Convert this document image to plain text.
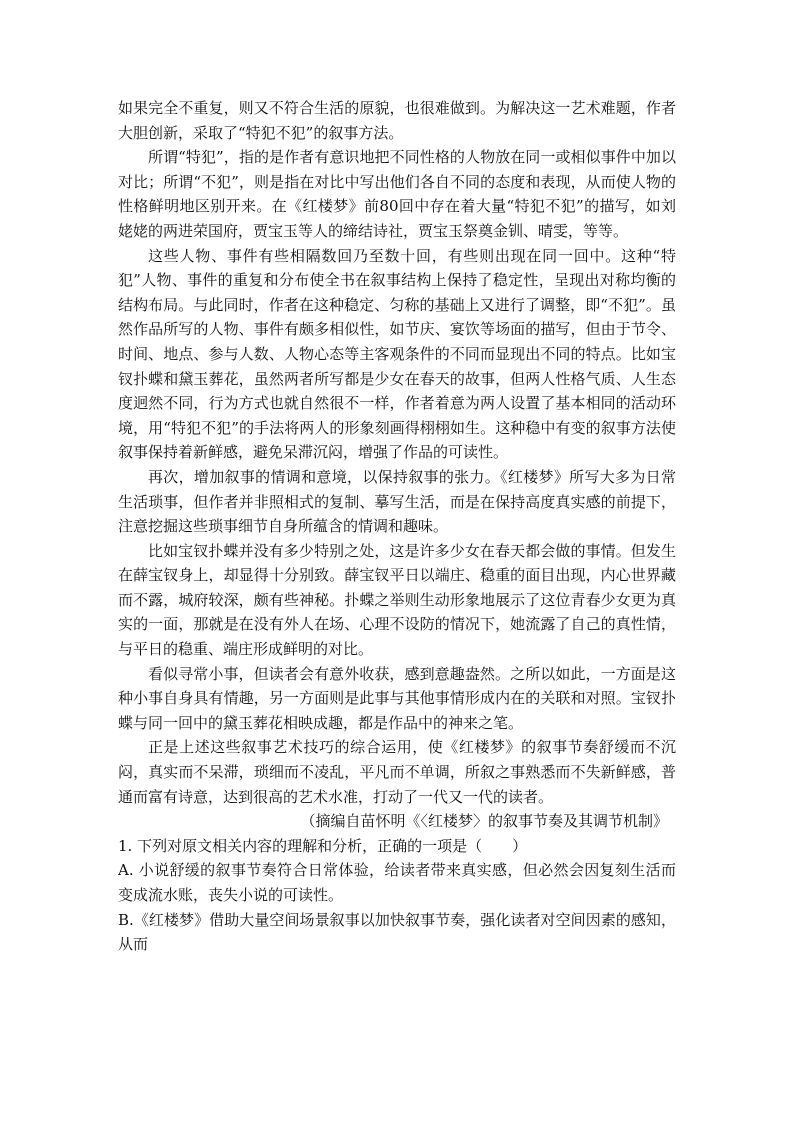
如果完全不重复，则又不符合生活的原貌，也很难做到。为解决这一艺术难题，作者大胆创新，采取了“特犯不犯”的叙事方法。

所谓“特犯”，指的是作者有意识地把不同性格的人物放在同一或相似事件中加以对比；所谓“不犯”，则是指在对比中写出他们各自不同的态度和表现，从而使人物的性格鲜明地区别开来。在《红楼梦》前80回中存在着大量“特犯不犯”的描写，如刘姥姥的两进荣国府，贾宝玉等人的缔结诗社，贾宝玉祭奠金钏、晴雯，等等。

这些人物、事件有些相隔数回乃至数十回，有些则出现在同一回中。这种“特犯”人物、事件的重复和分布使全书在叙事结构上保持了稳定性，呈现出对称均衡的结构布局。与此同时，作者在这种稳定、匀称的基础上又进行了调整，即“不犯”。虽然作品所写的人物、事件有颇多相似性，如节庆、宴饮等场面的描写，但由于节令、时间、地点、参与人数、人物心态等主客观条件的不同而显现出不同的特点。比如宝钗扑蝶和黛玉葬花，虽然两者所写都是少女在春天的故事，但两人性格气质、人生态度迥然不同，行为方式也就自然很不一样，作者着意为两人设置了基本相同的活动环境，用“特犯不犯”的手法将两人的形象刻画得栩栩如生。这种稳中有变的叙事方法使叙事保持着新鲜感，避免呆滞沉闷，增强了作品的可读性。

再次，增加叙事的情调和意境，以保持叙事的张力。《红楼梦》所写大多为日常生活琐事，但作者并非照相式的复制、摹写生活，而是在保持高度真实感的前提下，注意挖掘这些琐事细节自身所蕴含的情调和趣味。

比如宝钗扑蝶并没有多少特别之处，这是许多少女在春天都会做的事情。但发生在薛宝钗身上，却显得十分别致。薛宝钗平日以端庄、稳重的面目出现，内心世界藏而不露，城府较深，颇有些神秘。扑蝶之举则生动形象地展示了这位青春少女更为真实的一面，那就是在没有外人在场、心理不设防的情况下，她流露了自己的真性情，与平日的稳重、端庄形成鲜明的对比。

看似寻常小事，但读者会有意外收获，感到意趣盎然。之所以如此，一方面是这种小事自身具有情趣，另一方面则是此事与其他事情形成内在的关联和对照。宝钗扑蝶与同一回中的黛玉葬花相映成趣，都是作品中的神来之笔。

正是上述这些叙事艺术技巧的综合运用，使《红楼梦》的叙事节奏舒缓而不沉闷，真实而不呆滞，琐细而不凌乱，平凡而不单调，所叙之事熟悉而不失新鲜感，普通而富有诗意，达到很高的艺术水准，打动了一代又一代的读者。

（摘编自苗怀明《〈红楼梦〉的叙事节奏及其调节机制》

1. 下列对原文相关内容的理解和分析，正确的一项是（　　）

A. 小说舒缓的叙事节奏符合日常体验，给读者带来真实感，但必然会因复刻生活而变成流水账，丧失小说的可读性。

B.《红楼梦》借助大量空间场景叙事以加快叙事节奏，强化读者对空间因素的感知，从而
